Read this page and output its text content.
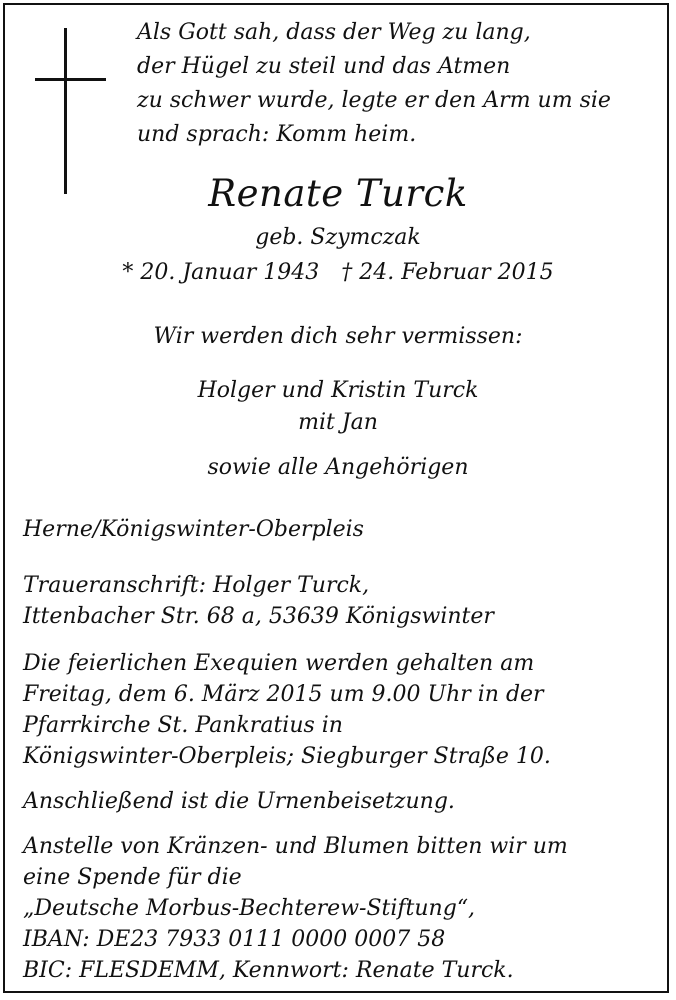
Als Gott sah, dass der Weg zu lang,
der Hügel zu steil und das Atmen
zu schwer wurde, legte er den Arm um sie
und sprach: Komm heim.
Renate Turck
geb. Szymczak
* 20. Januar 1943 † 24. Februar 2015
Wir werden dich sehr vermissen:
Holger und Kristin Turck
mit Jan
sowie alle Angehörigen
Herne/Königswinter-Oberpleis
Traueranschrift: Holger Turck,
Ittenbacher Str. 68 a, 53639 Königswinter
Die feierlichen Exequien werden gehalten am
Freitag, dem 6. März 2015 um 9.00 Uhr in der
Pfarrkirche St. Pankratius in
Königswinter-Oberpleis; Siegburger Straße 10.
Anschließend ist die Urnenbeisetzung.
Anstelle von Kränzen- und Blumen bitten wir um
eine Spende für die
„Deutsche Morbus-Bechterew-Stiftung“,
IBAN: DE23 7933 0111 0000 0007 58
BIC: FLESDEMM, Kennwort: Renate Turck.
